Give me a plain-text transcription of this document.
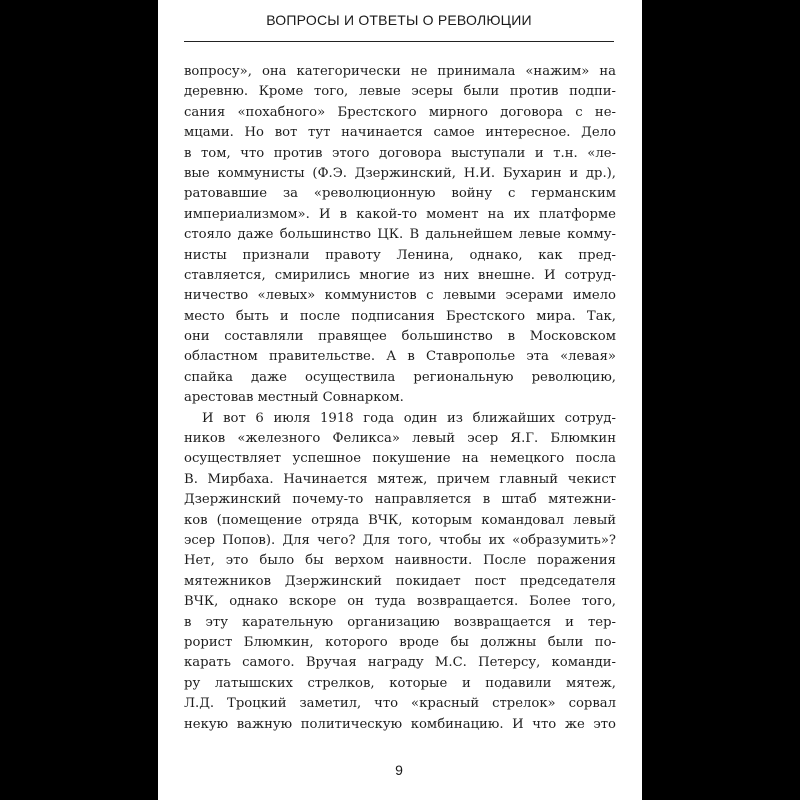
ВОПРОСЫ И ОТВЕТЫ О РЕВОЛЮЦИИ
вопросу», она категорически не принимала «нажим» на
деревню. Кроме того, левые эсеры были против подпи-
сания «похабного» Брестского мирного договора с не-
мцами. Но вот тут начинается самое интересное. Дело
в том, что против этого договора выступали и т.н. «ле-
вые коммунисты (Ф.Э. Дзержинский, Н.И. Бухарин и др.),
ратовавшие за «революционную войну с германским
империализмом». И в какой-то момент на их платформе
стояло даже большинство ЦК. В дальнейшем левые комму-
нисты признали правоту Ленина, однако, как пред-
ставляется, смирились многие из них внешне. И сотруд-
ничество «левых» коммунистов с левыми эсерами имело
место быть и после подписания Брестского мира. Так,
они составляли правящее большинство в Московском
областном правительстве. А в Ставрополье эта «левая»
спайка даже осуществила региональную революцию,
арестовав местный Совнарком.
И вот 6 июля 1918 года один из ближайших сотруд-
ников «железного Феликса» левый эсер Я.Г. Блюмкин
осуществляет успешное покушение на немецкого посла
В. Мирбаха. Начинается мятеж, причем главный чекист
Дзержинский почему-то направляется в штаб мятежни-
ков (помещение отряда ВЧК, которым командовал левый
эсер Попов). Для чего? Для того, чтобы их «образумить»?
Нет, это было бы верхом наивности. После поражения
мятежников Дзержинский покидает пост председателя
ВЧК, однако вскоре он туда возвращается. Более того,
в эту карательную организацию возвращается и тер-
рорист Блюмкин, которого вроде бы должны были по-
карать самого. Вручая награду М.С. Петерсу, команди-
ру латышских стрелков, которые и подавили мятеж,
Л.Д. Троцкий заметил, что «красный стрелок» сорвал
некую важную политическую комбинацию. И что же это
9
